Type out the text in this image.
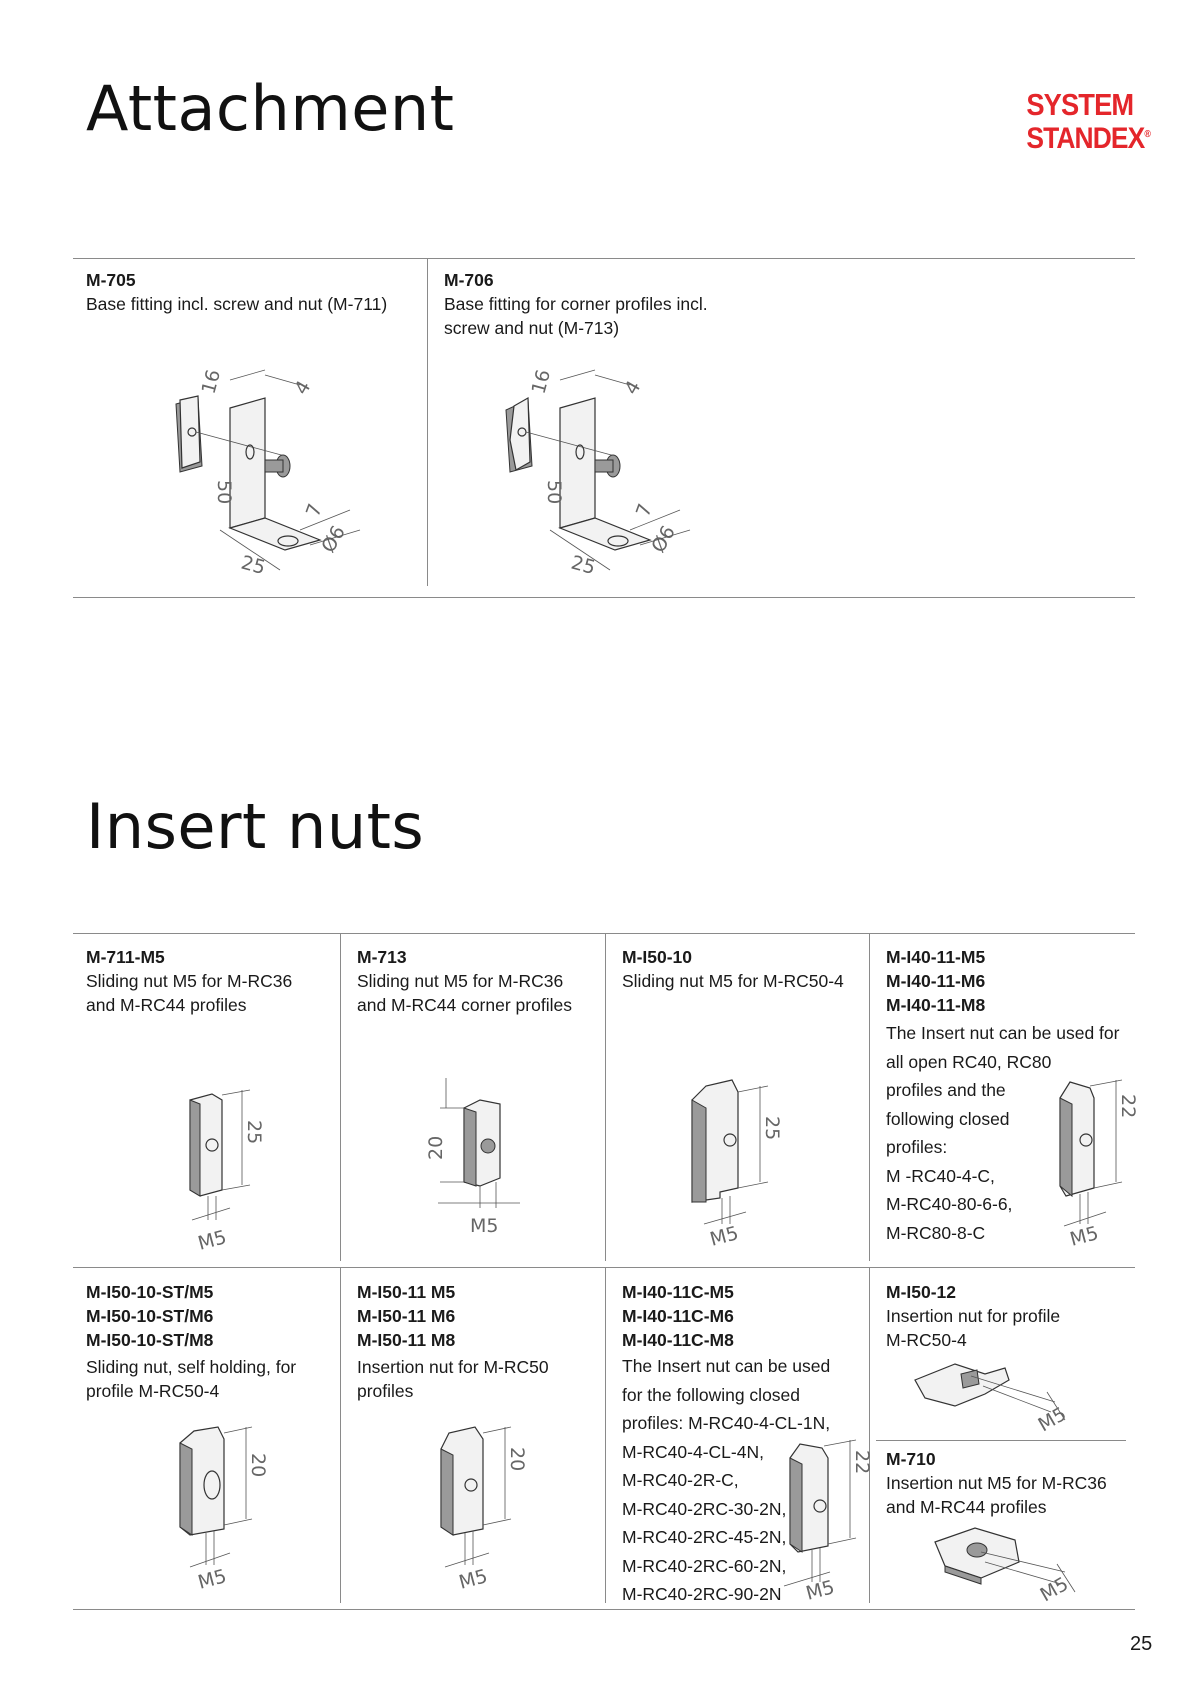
Attachment	SYSTEM
STANDEX®
M-705
Base fitting incl. screw and nut (M-711)
M-706
Base fitting for corner profiles incl.
screw and nut (M-713)
16	4
50
25
7
Ø6
16	4
50
25
7
Ø6
Insert nuts
M-711-M5
Sliding nut M5 for M-RC36
and M-RC44 profiles
M-713
Sliding nut M5 for M-RC36
and M-RC44 corner profiles
M-I50-10
Sliding nut M5 for M-RC50-4
M-I40-11-M5
M-I40-11-M6
M-I40-11-M8
The Insert nut can be used for
all open RC40, RC80
profiles and the
following closed
profiles:
M -RC40-4-C,
M-RC40-80-6-6,
M-RC80-8-C
25
M5
20
M5
25
M5
22
M5
M-I50-10-ST/M5
M-I50-10-ST/M6
M-I50-10-ST/M8
Sliding nut, self holding, for
profile M-RC50-4
M-I50-11 M5
M-I50-11 M6
M-I50-11 M8
Insertion nut for M-RC50
profiles
M-I40-11C-M5
M-I40-11C-M6
M-I40-11C-M8
The Insert nut can be used
for the following closed
profiles: M-RC40-4-CL-1N,
M-RC40-4-CL-4N,
M-RC40-2R-C,
M-RC40-2RC-30-2N,
M-RC40-2RC-45-2N,
M-RC40-2RC-60-2N,
M-RC40-2RC-90-2N
M-I50-12
Insertion nut for profile
M-RC50-4
M-710
Insertion nut M5 for M-RC36
and M-RC44 profiles
20
M5
20
M5
22
M5
M5
M5
25
